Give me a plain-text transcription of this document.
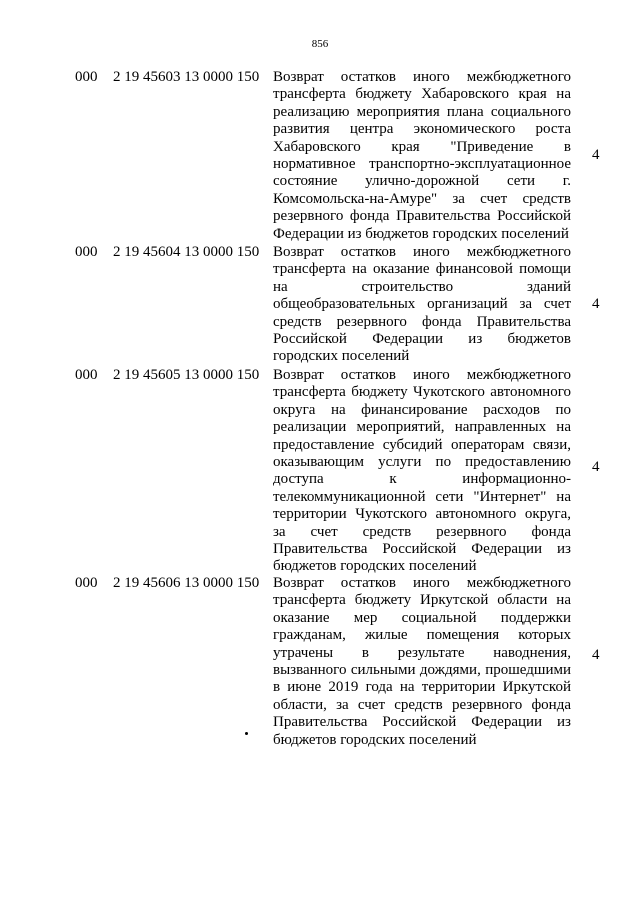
856
000 2 19 45603 13 0000 150 Возврат остатков иного межбюджетного трансферта бюджету Хабаровского края на реализацию мероприятия плана социального развития центра экономического роста Хабаровского края "Приведение в нормативное транспортно-эксплуатационное состояние улично-дорожной сети г. Комсомольска-на-Амуре" за счет средств резервного фонда Правительства Российской Федерации из бюджетов городских поселений
4
000 2 19 45604 13 0000 150 Возврат остатков иного межбюджетного трансферта на оказание финансовой помощи на строительство зданий общеобразовательных организаций за счет средств резервного фонда Правительства Российской Федерации из бюджетов городских поселений
4
000 2 19 45605 13 0000 150 Возврат остатков иного межбюджетного трансферта бюджету Чукотского автономного округа на финансирование расходов по реализации мероприятий, направленных на предоставление субсидий операторам связи, оказывающим услуги по предоставлению доступа к информационно-телекоммуникационной сети "Интернет" на территории Чукотского автономного округа, за счет средств резервного фонда Правительства Российской Федерации из бюджетов городских поселений
4
000 2 19 45606 13 0000 150 Возврат остатков иного межбюджетного трансферта бюджету Иркутской области на оказание мер социальной поддержки гражданам, жилые помещения которых утрачены в результате наводнения, вызванного сильными дождями, прошедшими в июне 2019 года на территории Иркутской области, за счет средств резервного фонда Правительства Российской Федерации из бюджетов городских поселений
4
